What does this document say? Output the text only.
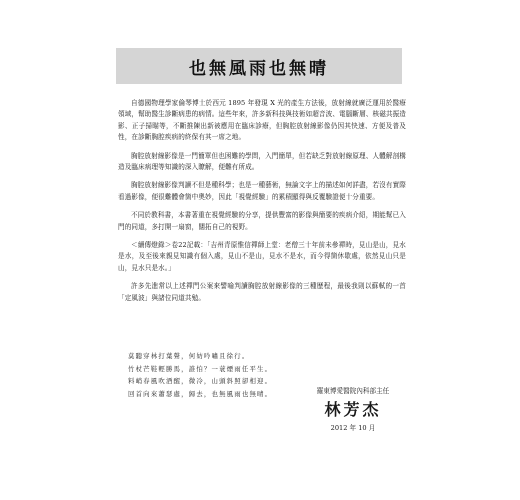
也無風雨也無晴

自德國物理學家倫琴博士於西元 1895 年發現 X 光的產生方法後，放射線就廣泛運用於醫療領域，幫助醫生診斷病患的病情。這些年來，許多新科技與技術如超音波、電腦斷層、核磁共振造影、正子掃瞄等，不斷推陳出新被應用在臨床診療，但胸腔放射線影像仍因其快速、方便及普及性，在診斷胸腔疾病的終保有其一席之地。

胸腔放射線影像是一門簡單但也困難的學問，入門簡單，但若缺乏對放射線原理、人體解剖構造及臨床病理等知識的深入瞭解，便難有所成。

胸腔放射線影像判讀不但是種科學；也是一種藝術，無論文字上的描述如何詳盡，若沒有實際看過影像，便很難體會箇中奧妙，因此「視覺經驗」的累積顯得與反覆驗證便十分重要。

不同於教科書，本書著重在視覺經驗的分享，提供豐富的影像與簡要的疾病介紹，期能幫已入門的同道，多打開一扇窗，闊拓自己的視野。

＜續傳燈錄＞卷22記載：「吉州青原惟信禪師上堂：老僧三十年前未參禪時，見山是山，見水是水，及至後來親見知識有個入處，見山不是山，見水不是水，而今得箇休歇處，依然見山只是山，見水只是水。」

許多先進常以上述禪門公案來譬喻判讀胸腔放射線影像的三種歷程，最後我則以蘇軾的一首「定風波」與諸位同道共勉。

莫聽穿林打葉聲，何妨吟嘯且徐行。
竹杖芒鞋輕勝馬，誰怕？一蓑煙雨任平生。
料峭春風吹酒醒，微冷，山頭斜照卻相迎。
回首向來蕭瑟處，歸去，也無風雨也無晴。	羅東博愛醫院內科部主任
林芳杰
2012 年 10 月
